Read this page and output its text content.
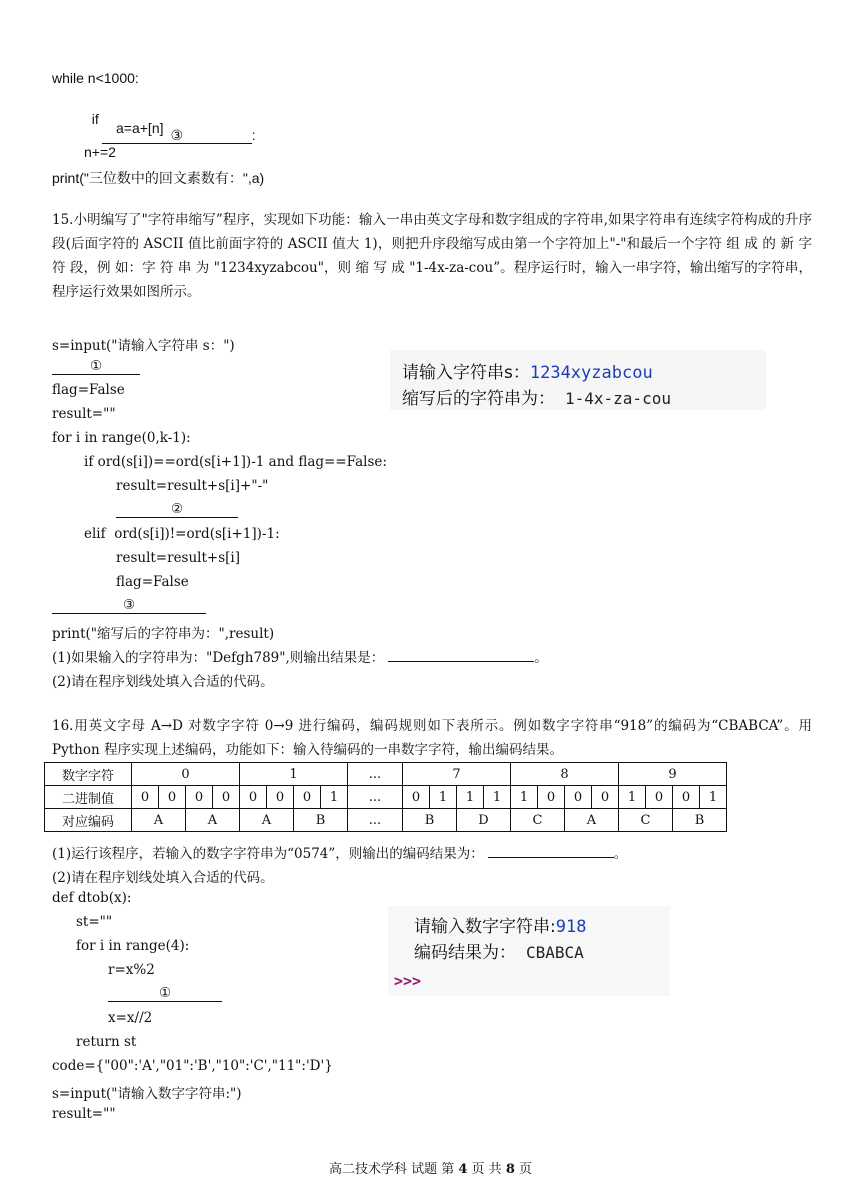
while n<1000:

if
③	:

a=a+[n]
n+=2
print("三位数中的回文素数有：",a)
15.小明编写了"字符串缩写”程序，实现如下功能：输入一串由英文字母和数字组成的字符串,如果字符串有连续字符构成的升序段(后面字符的 ASCII 值比前面字符的 ASCII 值大 1)，则把升序段缩写成由第一个字符加上"-"和最后一个字符 组 成 的 新 字 符 段，例 如：字 符 串 为 "1234xyzabcou"，则 缩 写 成 "1-4x-za-cou”。程序运行时，输入一串字符，输出缩写的字符串，程序运行效果如图所示。
s=input("请输入字符串 s：")
①
flag=False
result=""
for i in range(0,k-1):
if ord(s[i])==ord(s[i+1])-1 and flag==False:
result=result+s[i]+"-"
②
elif  ord(s[i])!=ord(s[i+1])-1:
result=result+s[i]
flag=False
③
print("缩写后的字符串为：",result)
请输入字符串s：1234xyzabcou
缩写后的字符串为： 1-4x-za-cou
(1)如果输入的字符串为："Defgh789",则输出结果是：	。
(2)请在程序划线处填入合适的代码。
16.用英文字母 A→D 对数字字符 0→9 进行编码，编码规则如下表所示。例如数字字符串“918”的编码为“CBABCA”。用 Python 程序实现上述编码，功能如下：输入待编码的一串数字字符，输出编码结果。
数字字符	0				1				...	7				8				9			
二进制值	0	0	0	0	0	0	0	1	...	0	1	1	1	1	0	0	0	1	0	0	1
对应编码	A		A		A		B		...	B		D		C		A		C		B	
(1)运行该程序，若输入的数字字符串为“0574”，则输出的编码结果为：	。
(2)请在程序划线处填入合适的代码。
def dtob(x):
st=""
for i in range(4):
r=x%2
①
x=x//2
return st
code={"00":'A',"01":'B',"10":'C',"11":'D'}
s=input("请输入数字字符串:")
result=""
请输入数字字符串:918
编码结果为： CBABCA
>>>
高二技术学科 试题 第 4 页 共 8 页
